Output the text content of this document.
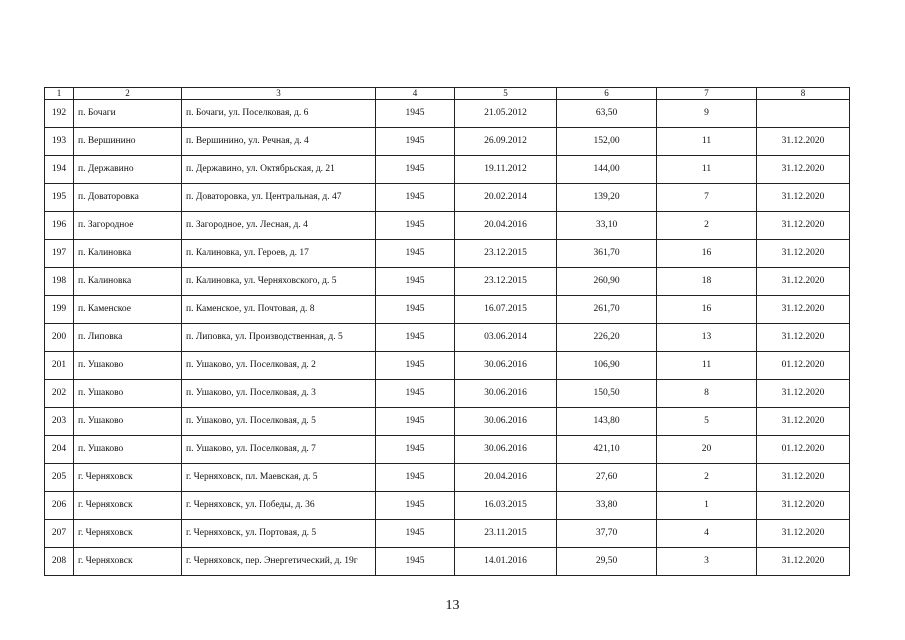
1	2	3	4	5	6	7	8
192	п. Бочаги	п. Бочаги, ул. Поселковая, д. 6	1945	21.05.2012	63,50	9	
193	п. Вершинино	п. Вершинино, ул. Речная, д. 4	1945	26.09.2012	152,00	11	31.12.2020
194	п. Державино	п. Державино, ул. Октябрьская, д. 21	1945	19.11.2012	144,00	11	31.12.2020
195	п. Доваторовка	п. Доваторовка, ул. Центральная, д. 47	1945	20.02.2014	139,20	7	31.12.2020
196	п. Загородное	п. Загородное, ул. Лесная, д. 4	1945	20.04.2016	33,10	2	31.12.2020
197	п. Калиновка	п. Калиновка, ул. Героев, д. 17	1945	23.12.2015	361,70	16	31.12.2020
198	п. Калиновка	п. Калиновка, ул. Черняховского, д. 5	1945	23.12.2015	260,90	18	31.12.2020
199	п. Каменское	п. Каменское, ул. Почтовая, д. 8	1945	16.07.2015	261,70	16	31.12.2020
200	п. Липовка	п. Липовка, ул. Производственная, д. 5	1945	03.06.2014	226,20	13	31.12.2020
201	п. Ушаково	п. Ушаково, ул. Поселковая, д. 2	1945	30.06.2016	106,90	11	01.12.2020
202	п. Ушаково	п. Ушаково, ул. Поселковая, д. 3	1945	30.06.2016	150,50	8	31.12.2020
203	п. Ушаково	п. Ушаково, ул. Поселковая, д. 5	1945	30.06.2016	143,80	5	31.12.2020
204	п. Ушаково	п. Ушаково, ул. Поселковая, д. 7	1945	30.06.2016	421,10	20	01.12.2020
205	г. Черняховск	г. Черняховск, пл. Маевская, д. 5	1945	20.04.2016	27,60	2	31.12.2020
206	г. Черняховск	г. Черняховск, ул. Победы, д. 36	1945	16.03.2015	33,80	1	31.12.2020
207	г. Черняховск	г. Черняховск, ул. Портовая, д. 5	1945	23.11.2015	37,70	4	31.12.2020
208	г. Черняховск	г. Черняховск, пер. Энергетический, д. 19г	1945	14.01.2016	29,50	3	31.12.2020
13
